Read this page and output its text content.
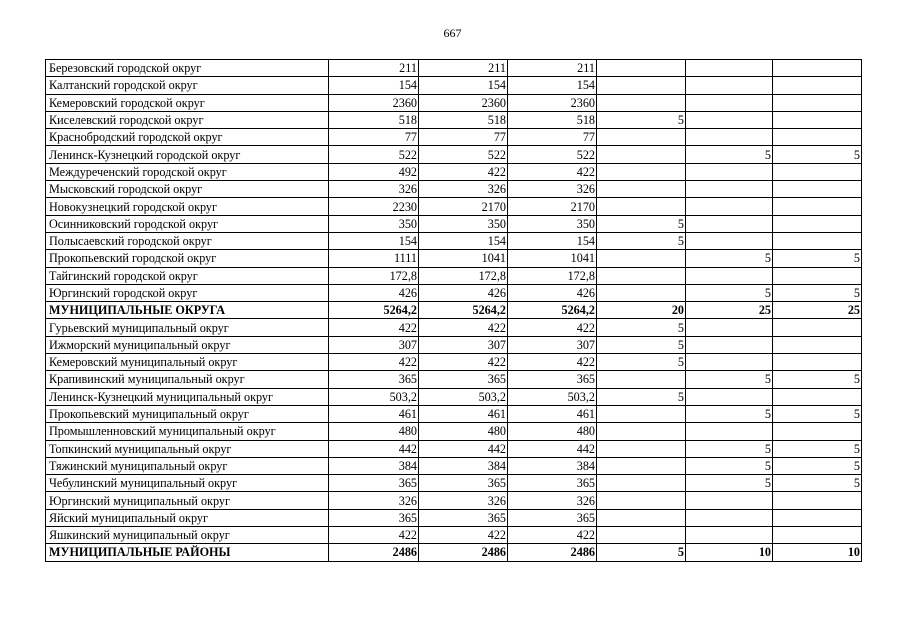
667
Березовский городской округ	211	211	211			
Калтанский городской округ	154	154	154			
Кемеровский городской округ	2360	2360	2360			
Киселевский городской округ	518	518	518	5		
Краснобродский городской округ	77	77	77			
Ленинск-Кузнецкий городской округ	522	522	522		5	5
Междуреченский городской округ	492	422	422			
Мысковский городской округ	326	326	326			
Новокузнецкий городской округ	2230	2170	2170			
Осинниковский городской округ	350	350	350	5		
Полысаевский городской округ	154	154	154	5		
Прокопьевский городской округ	1111	1041	1041		5	5
Тайгинский городской округ	172,8	172,8	172,8			
Юргинский городской округ	426	426	426		5	5
МУНИЦИПАЛЬНЫЕ ОКРУГА	5264,2	5264,2	5264,2	20	25	25
Гурьевский муниципальный округ	422	422	422	5		
Ижморский муниципальный округ	307	307	307	5		
Кемеровский муниципальный округ	422	422	422	5		
Крапивинский муниципальный округ	365	365	365		5	5
Ленинск-Кузнецкий муниципальный округ	503,2	503,2	503,2	5		
Прокопьевский муниципальный округ	461	461	461		5	5
Промышленновский муниципальный округ	480	480	480			
Топкинский муниципальный округ	442	442	442		5	5
Тяжинский муниципальный округ	384	384	384		5	5
Чебулинский муниципальный округ	365	365	365		5	5
Юргинский муниципальный округ	326	326	326			
Яйский муниципальный округ	365	365	365			
Яшкинский муниципальный округ	422	422	422			
МУНИЦИПАЛЬНЫЕ РАЙОНЫ	2486	2486	2486	5	10	10
